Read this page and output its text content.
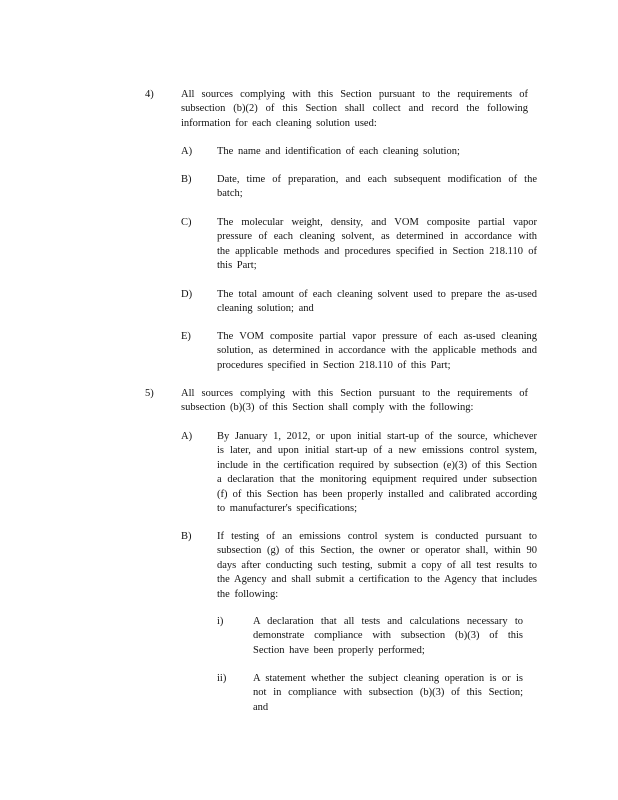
4)	All sources complying with this Section pursuant to the requirements of subsection (b)(2) of this Section shall collect and record the following information for each cleaning solution used:
A) The name and identification of each cleaning solution;
B) Date, time of preparation, and each subsequent modification of the batch;
C) The molecular weight, density, and VOM composite partial vapor pressure of each cleaning solvent, as determined in accordance with the applicable methods and procedures specified in Section 218.110 of this Part;
D) The total amount of each cleaning solvent used to prepare the as-used cleaning solution; and
E) The VOM composite partial vapor pressure of each as-used cleaning solution, as determined in accordance with the applicable methods and procedures specified in Section 218.110 of this Part;
5)	All sources complying with this Section pursuant to the requirements of subsection (b)(3) of this Section shall comply with the following:
A) By January 1, 2012, or upon initial start-up of the source, whichever is later, and upon initial start-up of a new emissions control system, include in the certification required by subsection (e)(3) of this Section a declaration that the monitoring equipment required under subsection (f) of this Section has been properly installed and calibrated according to manufacturer's specifications;
B) If testing of an emissions control system is conducted pursuant to subsection (g) of this Section, the owner or operator shall, within 90 days after conducting such testing, submit a copy of all test results to the Agency and shall submit a certification to the Agency that includes the following:
i)	A declaration that all tests and calculations necessary to demonstrate compliance with subsection (b)(3) of this Section have been properly performed;
ii)	A statement whether the subject cleaning operation is or is not in compliance with subsection (b)(3) of this Section; and
